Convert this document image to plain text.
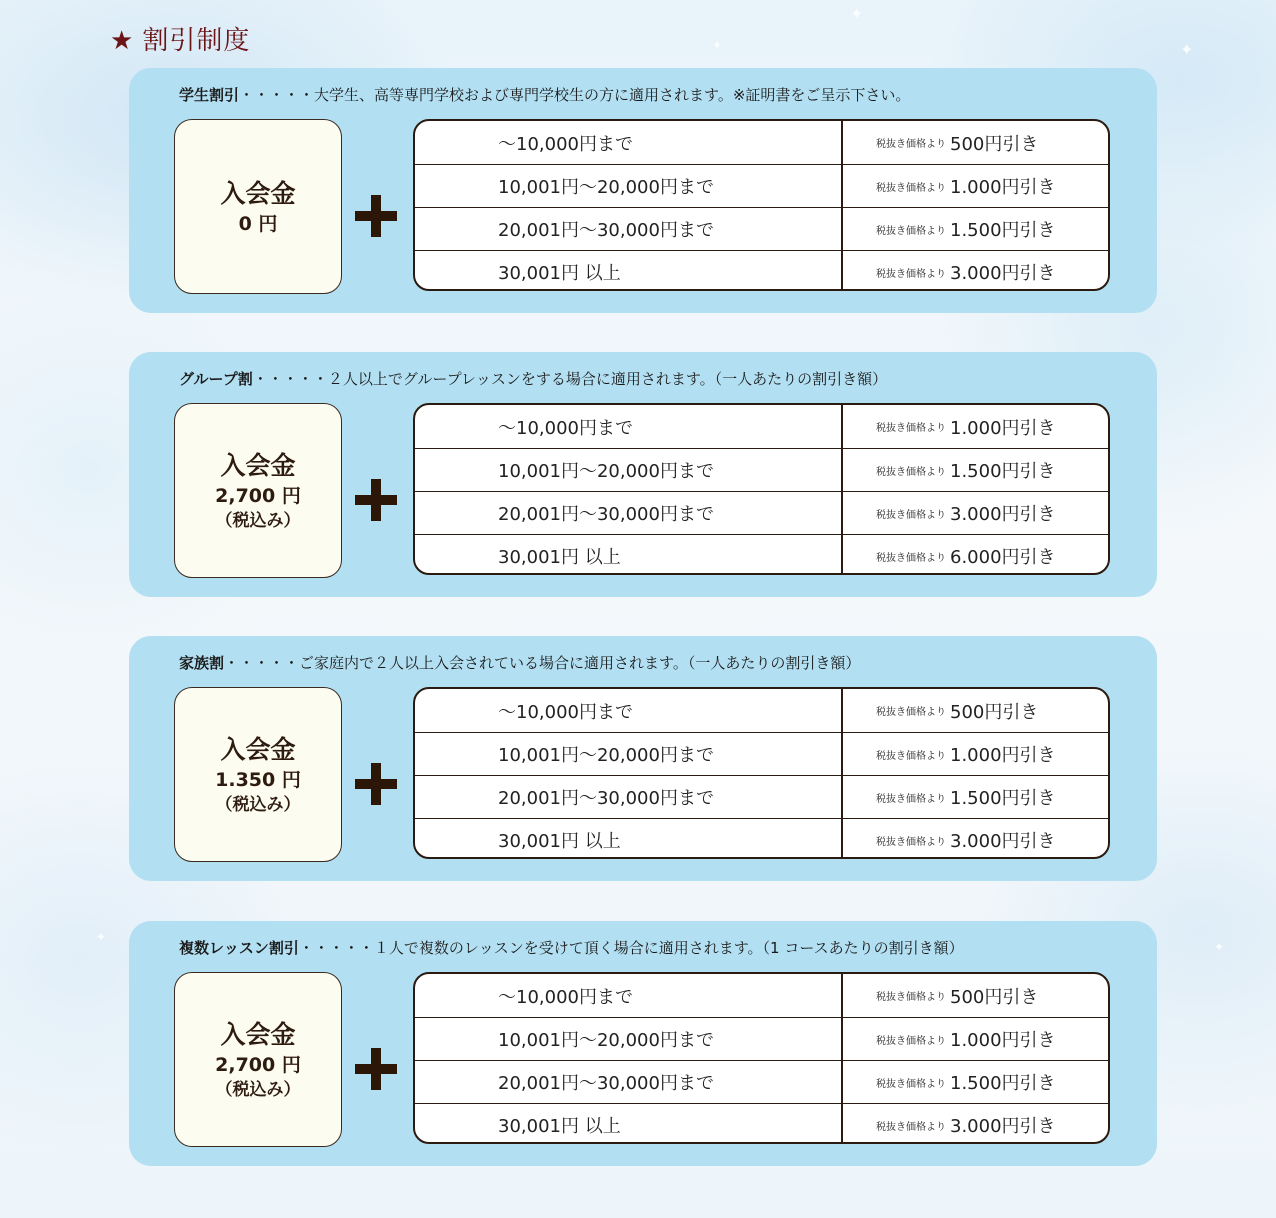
✦
✦	✦
✦
✦
★ 割引制度

学生割引・・・・・大学生、高等専門学校および専門学校生の方に適用されます。※証明書をご呈示下さい。

入会金
0 円
〜10,000円まで	税抜き価格より 500円引き
10,001円〜20,000円まで	税抜き価格より 1.000円引き
20,001円〜30,000円まで	税抜き価格より 1.500円引き
30,001円 以上	税抜き価格より 3.000円引き

グループ割・・・・・２人以上でグループレッスンをする場合に適用されます。（一人あたりの割引き額）

入会金
2,700 円
（税込み）
〜10,000円まで	税抜き価格より 1.000円引き
10,001円〜20,000円まで	税抜き価格より 1.500円引き
20,001円〜30,000円まで	税抜き価格より 3.000円引き
30,001円 以上	税抜き価格より 6.000円引き

家族割・・・・・ご家庭内で２人以上入会されている場合に適用されます。（一人あたりの割引き額）

入会金
1.350 円
（税込み）
〜10,000円まで	税抜き価格より 500円引き
10,001円〜20,000円まで	税抜き価格より 1.000円引き
20,001円〜30,000円まで	税抜き価格より 1.500円引き
30,001円 以上	税抜き価格より 3.000円引き

複数レッスン割引・・・・・１人で複数のレッスンを受けて頂く場合に適用されます。（1 コースあたりの割引き額）

入会金
2,700 円
（税込み）
〜10,000円まで	税抜き価格より 500円引き
10,001円〜20,000円まで	税抜き価格より 1.000円引き
20,001円〜30,000円まで	税抜き価格より 1.500円引き
30,001円 以上	税抜き価格より 3.000円引き
